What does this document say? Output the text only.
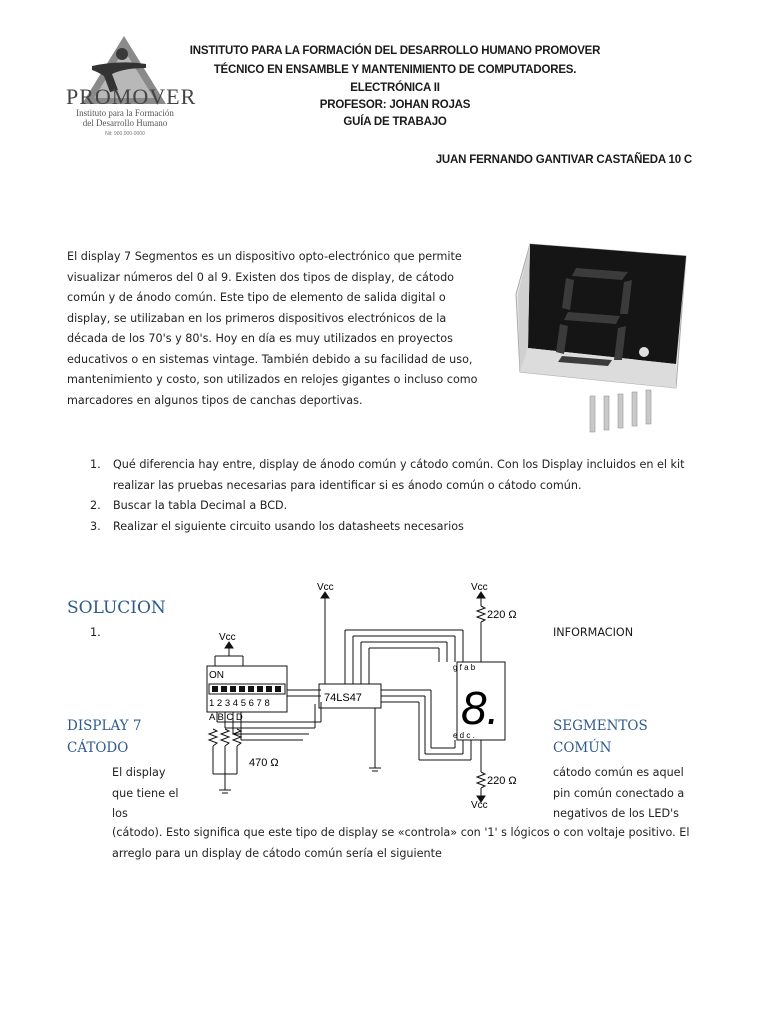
PROMOVER
Instituto para la Formación
del Desarrollo Humano
Nit: 900.000-0000
INSTITUTO PARA LA FORMACIÓN DEL DESARROLLO HUMANO PROMOVER
TÉCNICO EN ENSAMBLE Y MANTENIMIENTO DE COMPUTADORES.
ELECTRÓNICA II
PROFESOR: JOHAN ROJAS
GUÍA DE TRABAJO
JUAN FERNANDO GANTIVAR CASTAÑEDA 10 C
El display 7 Segmentos es un dispositivo opto-electrónico que permite
visualizar números del 0 al 9. Existen dos tipos de display, de cátodo
común y de ánodo común. Este tipo de elemento de salida digital o
display, se utilizaban en los primeros dispositivos electrónicos de la
década de los 70's y 80's. Hoy en día es muy utilizados en proyectos
educativos o en sistemas vintage. También debido a su facilidad de uso,
mantenimiento y costo, son utilizados en relojes gigantes o incluso como
marcadores en algunos tipos de canchas deportivas.
1.	Qué diferencia hay entre, display de ánodo común y cátodo común. Con los Display incluidos en el kit
realizar las pruebas necesarias para identificar si es ánodo común o cátodo común.
2.	Buscar la tabla Decimal a BCD.
3.	Realizar el siguiente circuito usando los datasheets necesarios
SOLUCION
1.	INFORMACION
DISPLAY 7
CÁTODO
SEGMENTOS
COMÚN
El display
que tiene el
los
cátodo común es aquel
pin común conectado a
negativos de los LED's
(cátodo). Esto significa que este tipo de display se «controla» con '1' s lógicos o con voltaje positivo. El
arreglo para un display de cátodo común sería el siguiente
Vcc
Vcc
Vcc
Vcc
ON
1 2 3 4 5 6 7 8
A B C D
74LS47
470 Ω
220 Ω
220 Ω
g f a b
e d c .
8.
